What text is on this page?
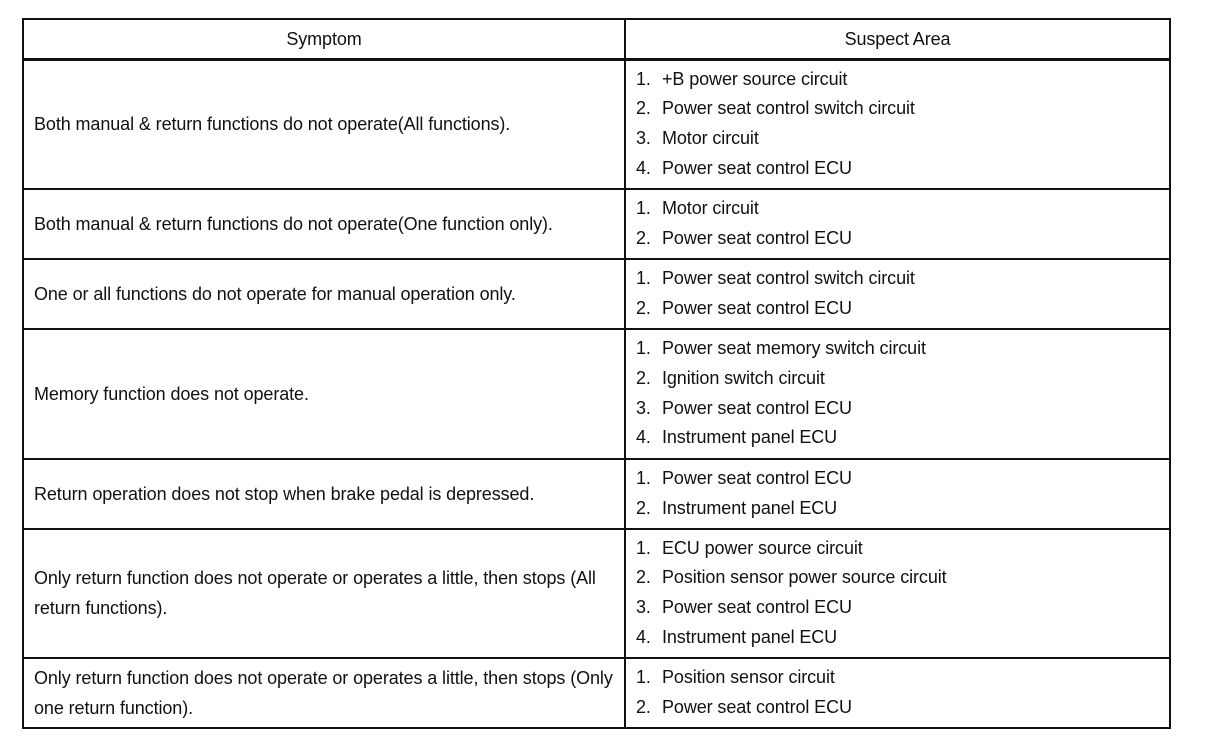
Symptom	Suspect Area
Both manual & return functions do not operate(All functions).	1. +B power source circuit
2. Power seat control switch circuit
3. Motor circuit
4. Power seat control ECU

Both manual & return functions do not operate(One function only).	1. Motor circuit
2. Power seat control ECU

One or all functions do not operate for manual operation only.	1. Power seat control switch circuit
2. Power seat control ECU

Memory function does not operate.	1. Power seat memory switch circuit
2. Ignition switch circuit
3. Power seat control ECU
4. Instrument panel ECU

Return operation does not stop when brake pedal is depressed.	1. Power seat control ECU
2. Instrument panel ECU

Only return function does not operate or operates a little, then stops (All return functions).	1. ECU power source circuit
2. Position sensor power source circuit
3. Power seat control ECU
4. Instrument panel ECU

Only return function does not operate or operates a little, then stops (Only one return function).	1. Position sensor circuit
2. Power seat control ECU
